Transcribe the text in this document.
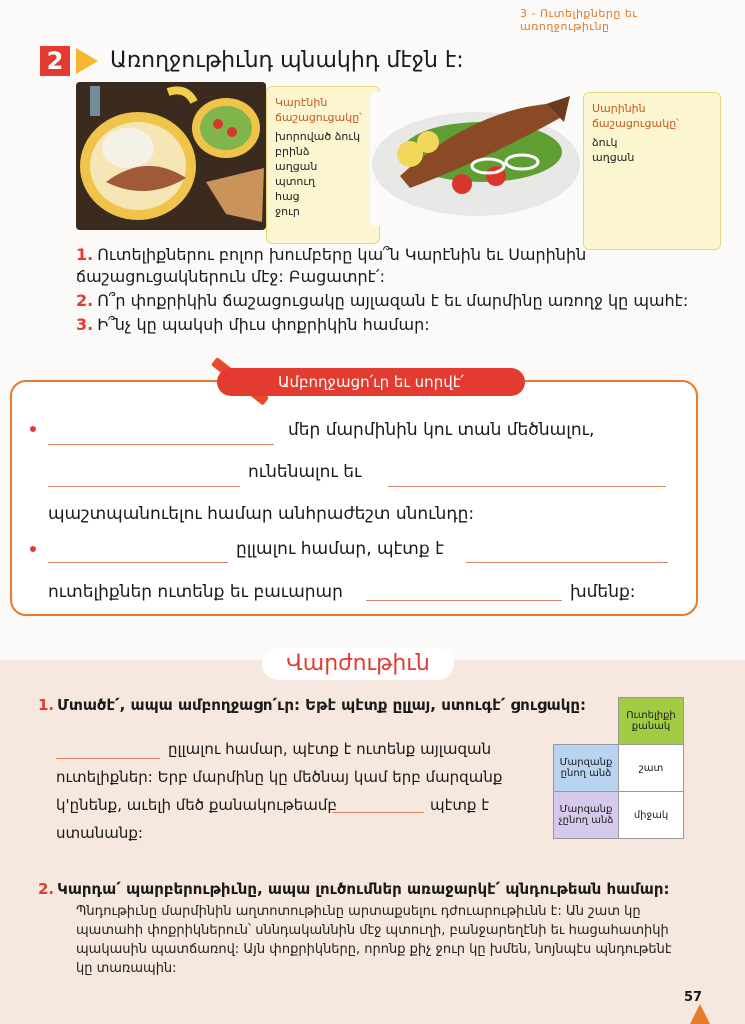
3 - Ուտելիքները եւ առողջութիւնը
2	Առողջութիւնդ պնակիդ մէջն է:
Կարէնին ճաշացուցակը՝
խորոված ձուկ
բրինձ
աղցան
պտուղ
հաց
ջուր
Սարինին ճաշացուցակը՝
ձուկ
աղցան
1. Ուտելիքներու բոլոր խումբերը կա՞ն Կարէնին եւ Սարինին ճաշացուցակներուն մէջ: Բացատրէ՛:
2. Ո՞ր փոքրիկին ճաշացուցակը այլազան է եւ մարմինը առողջ կը պահէ:
3. Ի՞նչ կը պակսի միւս փոքրիկին համար:
Ամբողջացո՛ւր եւ սորվէ՛
մեր մարմինին կու տան մեծնալու,
ունենալու եւ
պաշտպանուելու համար անհրաժեշտ սնունդը:
ըլլալու համար, պէտք է
ուտելիքներ ուտենք եւ բաւարար	խմենք:
Վարժութիւն
1. Մտածէ՛, ապա ամբողջացո՛ւր: Եթէ պէտք ըլլայ, ստուգէ՛ ցուցակը:
ըլլալու համար, պէտք է ուտենք այլազան
ուտելիքներ: Երբ մարմինը կը մեծնայ կամ երբ մարզանք
կ'ընենք, աւելի մեծ քանակութեամբ	պէտք է
ստանանք:
	Ուտելիքի քանակ
Մարզանք ընող անձ	շատ
Մարզանք չընող անձ	միջակ
2. Կարդա՛ պարբերութիւնը, ապա լուծումներ առաջարկէ՛ պնդութեան համար:
Պնդութիւնը մարմինին աղտոտութիւնը արտաքսելու դժուարութիւնն է: Ան շատ կը պատահի փոքրիկներուն՝ սննդականնին մէջ պտուղի, բանջարեղէնի եւ հացահատիկի պակասին պատճառով: Այն փոքրիկները, որոնք քիչ ջուր կը խմեն, նոյնպէս պնդութենէ կը տառապին:
57
